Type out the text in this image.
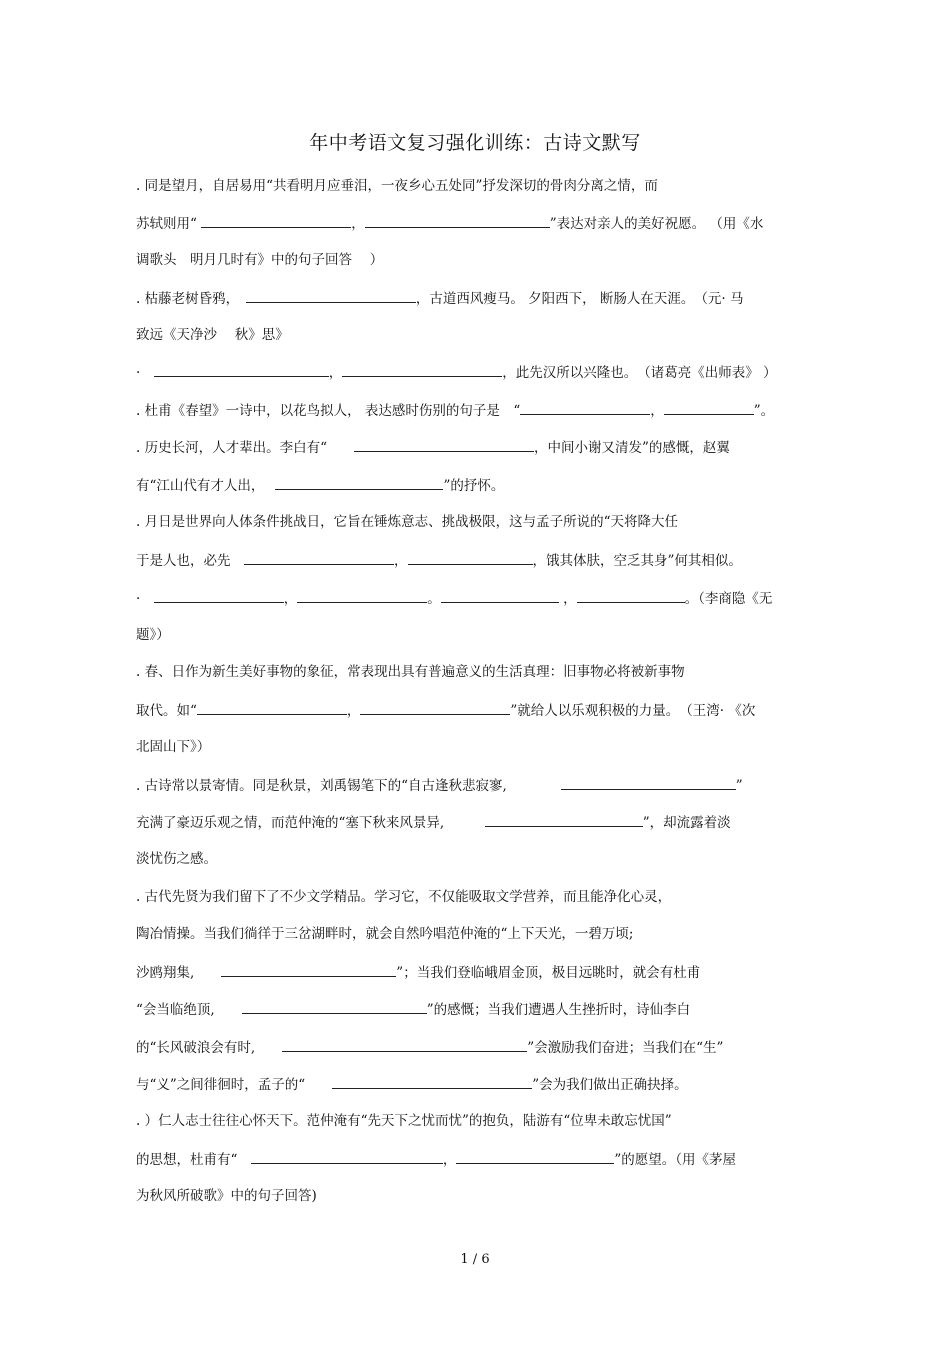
年中考语文复习强化训练：古诗文默写
. 同是望月，自居易用“共看明月应垂泪，一夜乡心五处同”抒发深切的骨肉分离之情，而
苏轼则用“	，	”表达对亲人的美好祝愿。 （用《水
调歌头　明月几时有》中的句子回答　 ）
. 枯藤老树昏鸦，　	，古道西风瘦马。 夕阳西下， 断肠人在天涯。　（元· 马
致远《天净沙　 秋》思》
·　	，	，此先汉所以兴隆也。　（诸葛亮《出师表》 ）
. 杜甫《春望》一诗中，以花鸟拟人， 表达感时伤别的句子是　“	，	”。
. 历史长河，人才辈出。李白有“　　	，中间小谢又清发”的感慨，赵翼
有“江山代有才人出，　	”的抒怀。
. 月日是世界向人体条件挑战日，它旨在锤炼意志、挑战极限，这与孟子所说的“天将降大任
于是人也，必先　	，	，饿其体肤，空乏其身”何其相似。
·　	，	。	，	。（李商隐《无
题》）
. 春、日作为新生美好事物的象征，常表现出具有普遍意义的生活真理：旧事物必将被新事物
取代。如“	，	”就给人以乐观积极的力量。　（王湾· 《次
北固山下》）
. 古诗常以景寄情。同是秋景，刘禹锡笔下的“自古逢秋悲寂寥,　　　　	”
充满了豪迈乐观之情，而范仲淹的“塞下秋来风景异,　　　	”，却流露着淡
淡忧伤之感。
. 古代先贤为我们留下了不少文学精品。学习它，不仅能吸取文学营养，而且能净化心灵，
陶冶情操。当我们徜徉于三岔湖畔时，就会自然吟唱范仲淹的“上下天光，一碧万顷;
沙鸥翔集,　　	”；当我们登临峨眉金顶，极目远眺时，就会有杜甫
“会当临绝顶,　　	”的感慨；当我们遭遇人生挫折时，诗仙李白
的“长风破浪会有时,　　	”会激励我们奋进；当我们在“生”
与“义”之间徘徊时，孟子的“　　	”会为我们做出正确抉择。
. ）仁人志士往往心怀天下。范仲淹有“先天下之忧而忧”的抱负，陆游有“位卑未敢忘忧国”
的思想，杜甫有“　	，	”的愿望。（用《茅屋
为秋风所破歌》中的句子回答)
1 / 6
